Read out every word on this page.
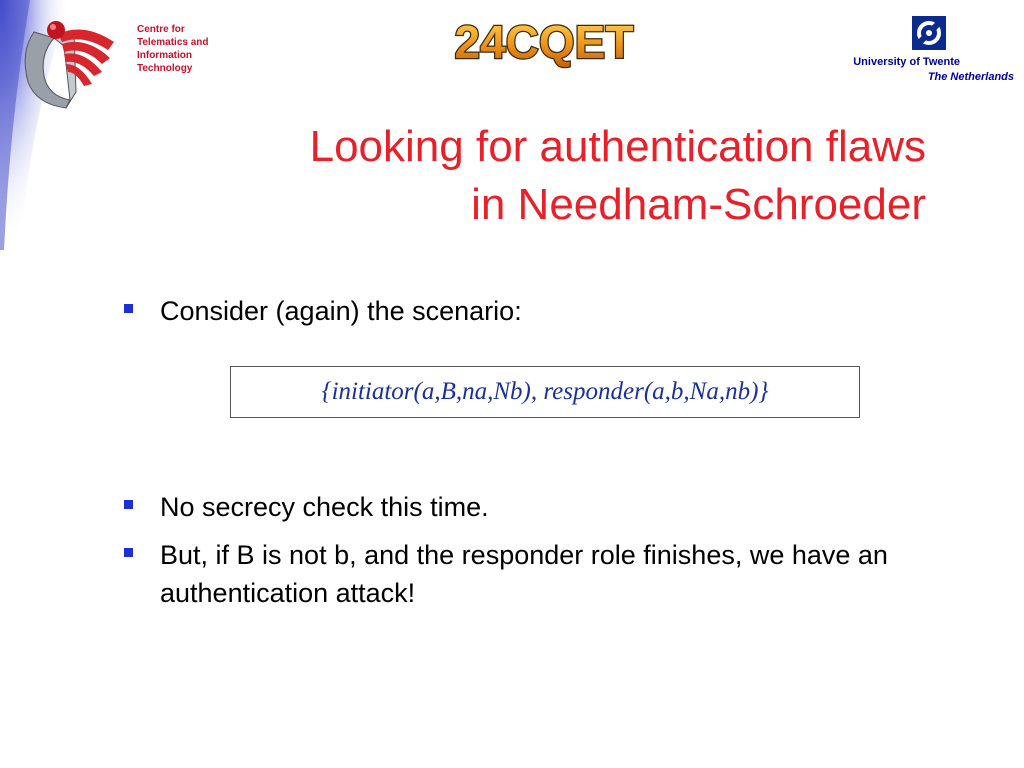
Centre for
Telematics and
Information
Technology
24CQET	University of Twente
The Netherlands
Looking for authentication flaws
in Needham-Schroeder
Consider (again) the scenario:
{initiator(a,B,na,Nb), responder(a,b,Na,nb)}
No secrecy check this time.
But, if B is not b, and the responder role finishes, we have an   authentication attack!
